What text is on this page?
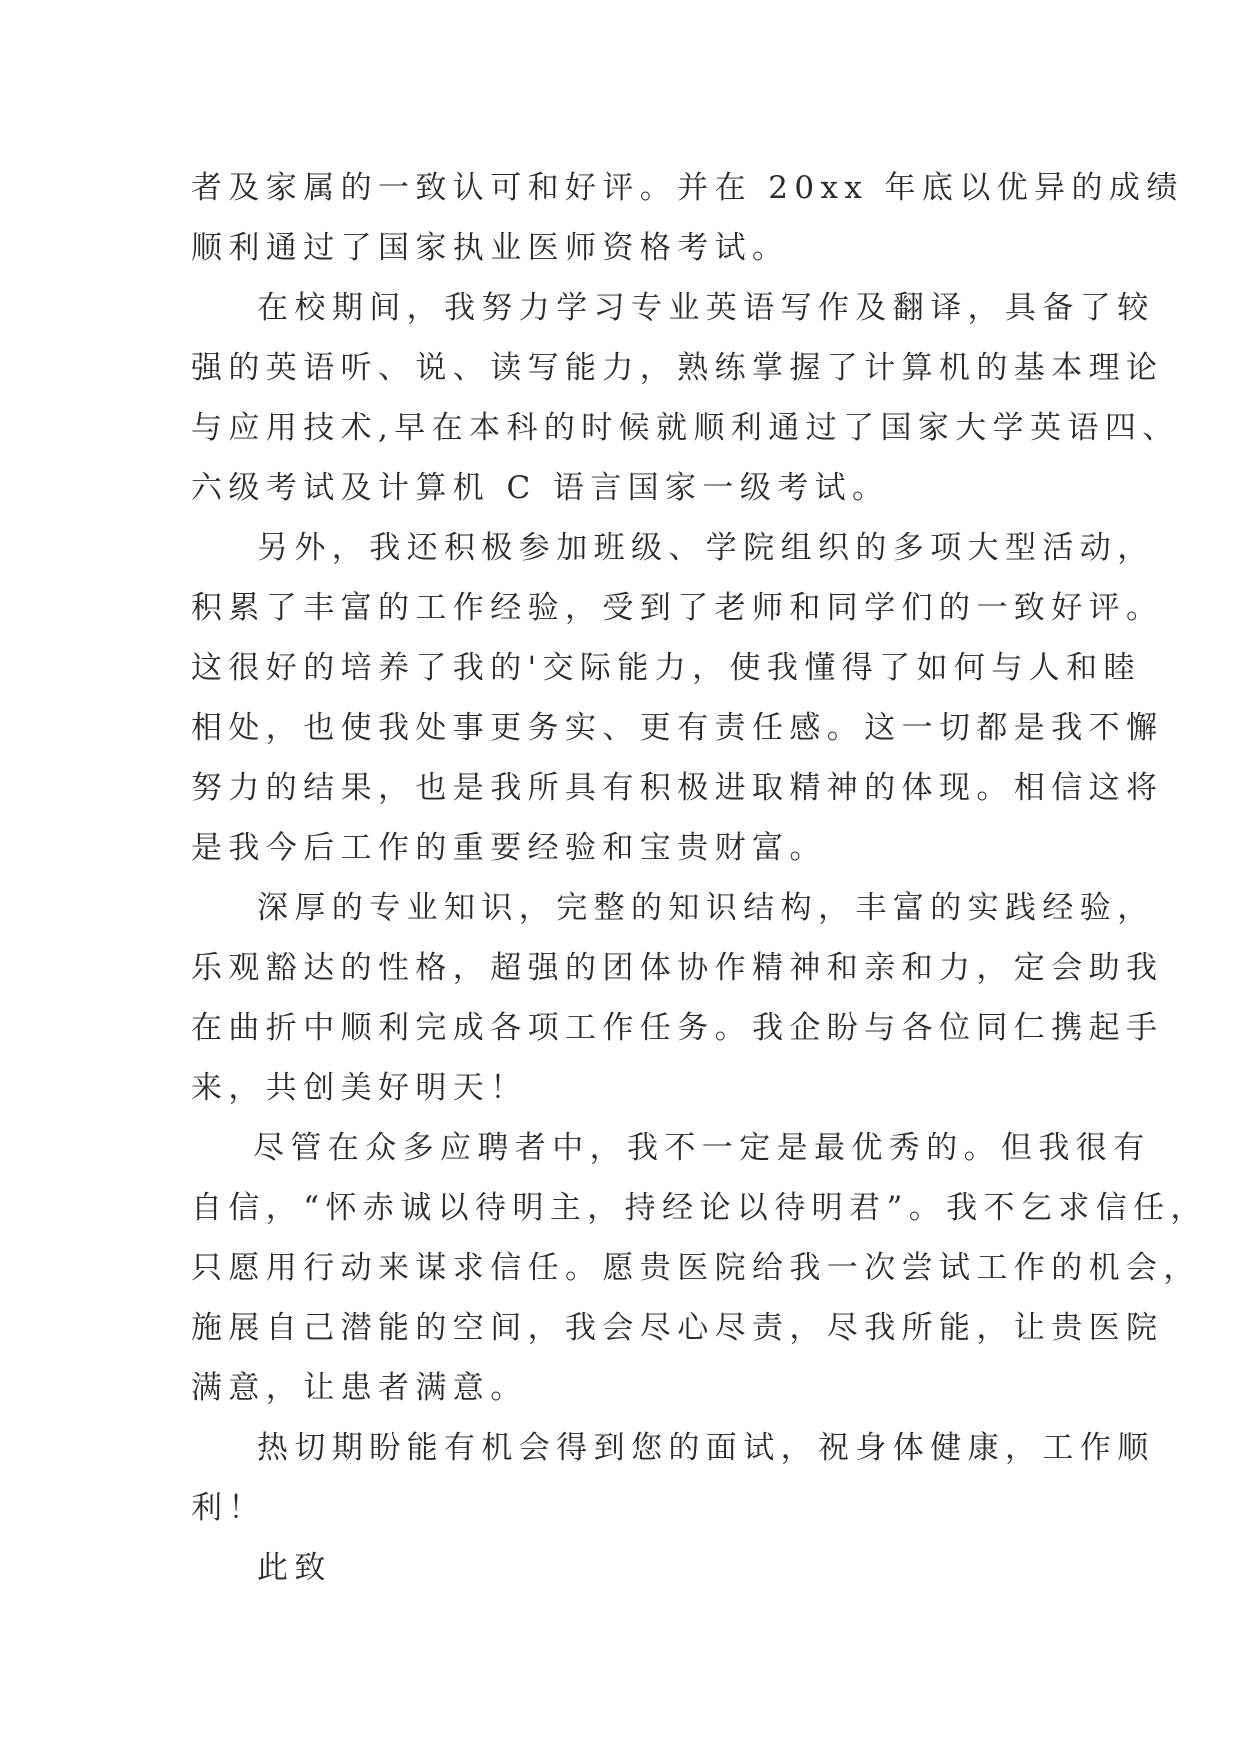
者及家属的一致认可和好评。并在 20xx 年底以优异的成绩
顺利通过了国家执业医师资格考试。
在校期间，我努力学习专业英语写作及翻译，具备了较
强的英语听、说、读写能力，熟练掌握了计算机的基本理论
与应用技术,早在本科的时候就顺利通过了国家大学英语四、
六级考试及计算机 C 语言国家一级考试。
另外，我还积极参加班级、学院组织的多项大型活动，
积累了丰富的工作经验，受到了老师和同学们的一致好评。
这很好的培养了我的'交际能力，使我懂得了如何与人和睦
相处，也使我处事更务实、更有责任感。这一切都是我不懈
努力的结果，也是我所具有积极进取精神的体现。相信这将
是我今后工作的重要经验和宝贵财富。
深厚的专业知识，完整的知识结构，丰富的实践经验，
乐观豁达的性格，超强的团体协作精神和亲和力，定会助我
在曲折中顺利完成各项工作任务。我企盼与各位同仁携起手
来，共创美好明天！
尽管在众多应聘者中，我不一定是最优秀的。但我很有
自信，“怀赤诚以待明主，持经论以待明君”。我不乞求信任，
只愿用行动来谋求信任。愿贵医院给我一次尝试工作的机会，
施展自己潜能的空间，我会尽心尽责，尽我所能，让贵医院
满意，让患者满意。
热切期盼能有机会得到您的面试，祝身体健康，工作顺
利！
此致
